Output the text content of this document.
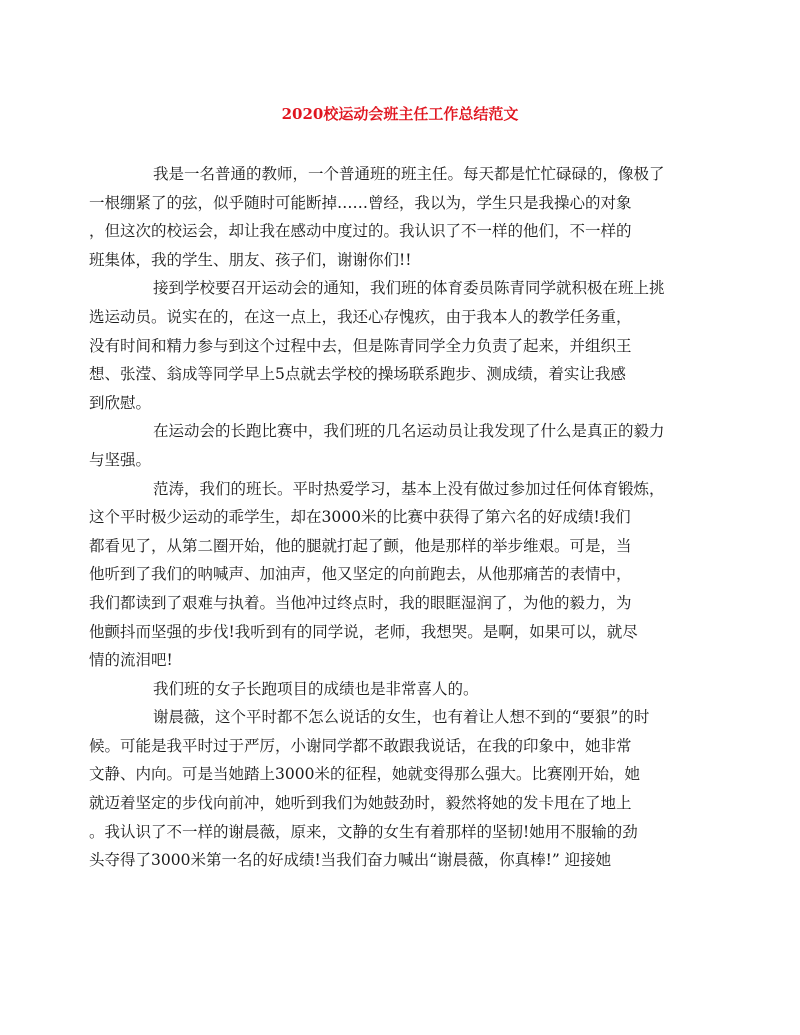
2020校运动会班主任工作总结范文
我是一名普通的教师，一个普通班的班主任。每天都是忙忙碌碌的，像极了
一根绷紧了的弦，似乎随时可能断掉……曾经，我以为，学生只是我操心的对象
，但这次的校运会，却让我在感动中度过的。我认识了不一样的他们，不一样的
班集体，我的学生、朋友、孩子们，谢谢你们!!
接到学校要召开运动会的通知，我们班的体育委员陈青同学就积极在班上挑
选运动员。说实在的，在这一点上，我还心存愧疚，由于我本人的教学任务重，
没有时间和精力参与到这个过程中去，但是陈青同学全力负责了起来，并组织王
想、张滢、翁成等同学早上5点就去学校的操场联系跑步、测成绩，着实让我感
到欣慰。
在运动会的长跑比赛中，我们班的几名运动员让我发现了什么是真正的毅力
与坚强。
范涛，我们的班长。平时热爱学习，基本上没有做过参加过任何体育锻炼，
这个平时极少运动的乖学生，却在3000米的比赛中获得了第六名的好成绩!我们
都看见了，从第二圈开始，他的腿就打起了颤，他是那样的举步维艰。可是，当
他听到了我们的呐喊声、加油声，他又坚定的向前跑去，从他那痛苦的表情中，
我们都读到了艰难与执着。当他冲过终点时，我的眼眶湿润了，为他的毅力，为
他颤抖而坚强的步伐!我听到有的同学说，老师，我想哭。是啊，如果可以，就尽
情的流泪吧!
我们班的女子长跑项目的成绩也是非常喜人的。
谢晨薇，这个平时都不怎么说话的女生，也有着让人想不到的“要狠”的时
候。可能是我平时过于严厉，小谢同学都不敢跟我说话，在我的印象中，她非常
文静、内向。可是当她踏上3000米的征程，她就变得那么强大。比赛刚开始，她
就迈着坚定的步伐向前冲，她听到我们为她鼓劲时，毅然将她的发卡甩在了地上
。我认识了不一样的谢晨薇，原来，文静的女生有着那样的坚韧!她用不服输的劲
头夺得了3000米第一名的好成绩!当我们奋力喊出“谢晨薇，你真棒!” 迎接她
